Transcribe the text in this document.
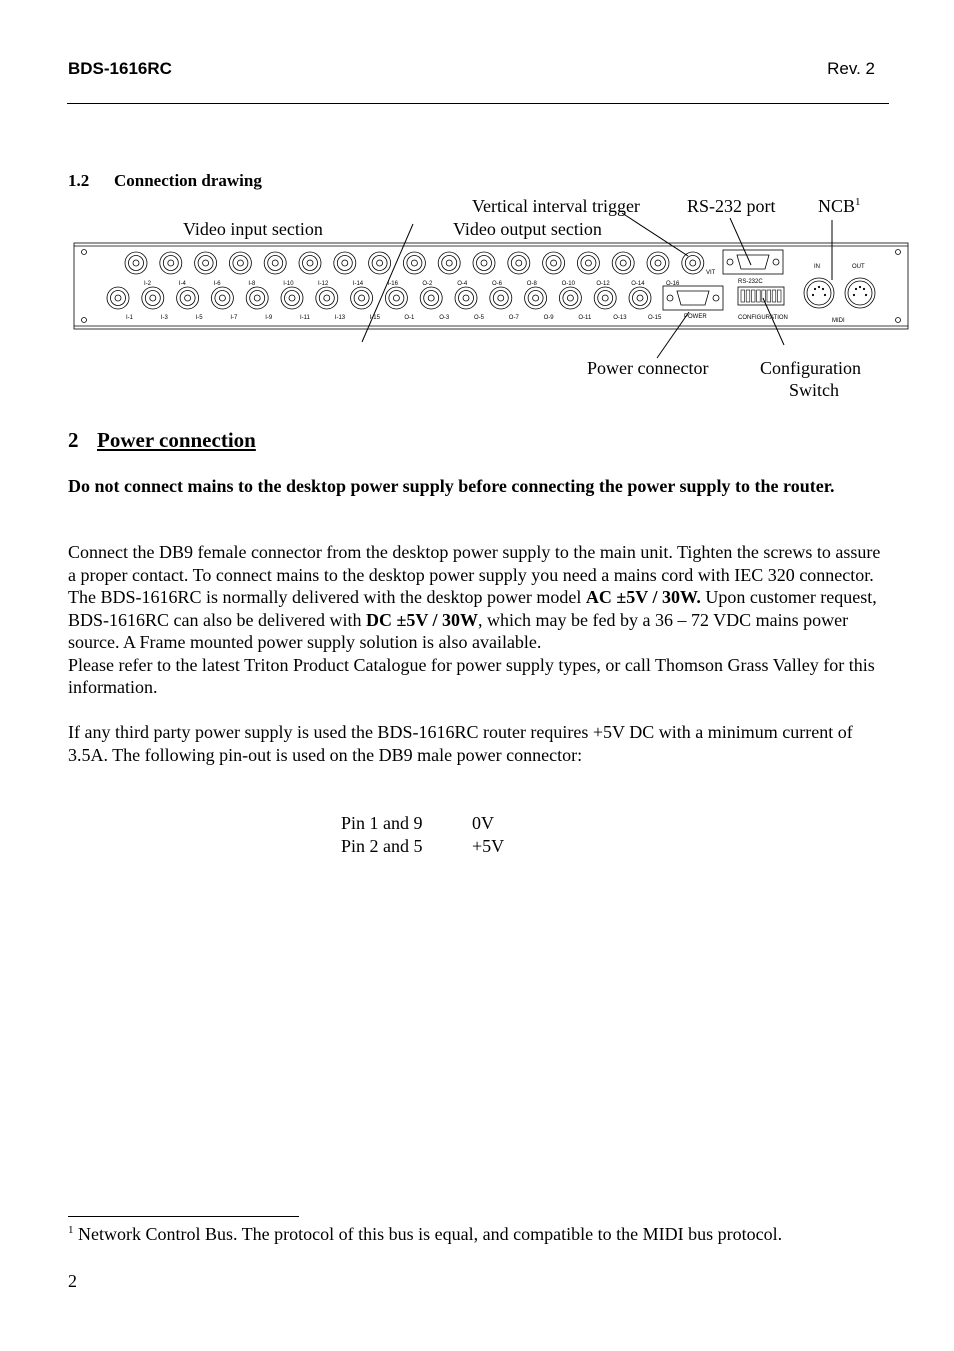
BDS-1616RC	Rev. 2
1.2 Connection drawing
Video input section
Vertical interval trigger
Video output section
RS-232 port NCB$^1$
Power connector	Configuration
Switch
I-2	I-4	I-6	I-8	I-10	I-12	I-14	I-16	O-2	O-4	O-6	O-8	O-10	O-12	O-14	O-16
I-1	I-3	I-5	I-7	I-9	I-11	I-13	I-15	O-1	O-3	O-5	O-7	O-9	O-11	O-13	O-15
VIT
RS-232C
POWER	CONFIGURATION	MIDI
IN	OUT
2 Power connection
Do not connect mains to the desktop power supply before connecting the power supply to the router.

Connect the DB9 female connector from the desktop power supply to the main unit. Tighten the screws to assure a proper contact. To connect mains to the desktop power supply you need a mains cord with IEC 320 connector.

The BDS-1616RC is normally delivered with the desktop power model AC ±5V / 30W. Upon customer request, BDS-1616RC can also be delivered with DC ±5V / 30W, which may be fed by a 36 – 72 VDC mains power source. A Frame mounted power supply solution is also available.

Please refer to the latest Triton Product Catalogue for power supply types, or call Thomson Grass Valley for this information.

If any third party power supply is used the BDS-1616RC router requires +5V DC with a minimum current of 3.5A. The following pin-out is used on the DB9 male power connector:

Pin 1 and 9	0V
Pin 2 and 5	+5V
$^1$ Network Control Bus. The protocol of this bus is equal, and compatible to the MIDI bus protocol.
2
